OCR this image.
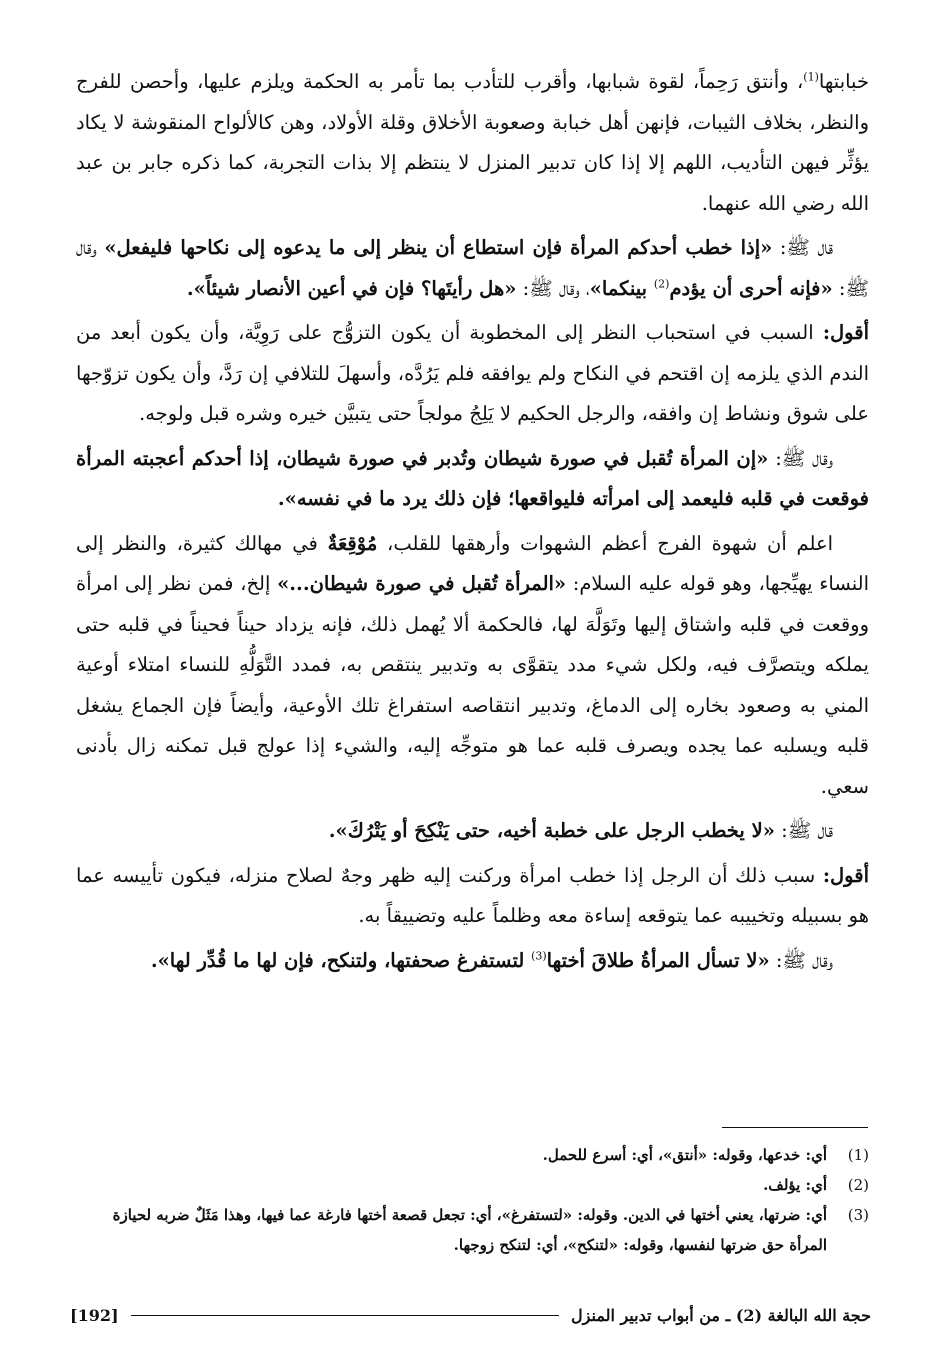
خبابتها$^{(1)}$، وأنتق رَحِماً، لقوة شبابها، وأقرب للتأدب بما تأمر به الحكمة ويلزم عليها، وأحصن للفرج والنظر، بخلاف الثيبات، فإنهن أهل خبابة وصعوبة الأخلاق وقلة الأولاد، وهن كالألواح المنقوشة لا يكاد يؤثِّر فيهن التأديب، اللهم إلا إذا كان تدبير المنزل لا ينتظم إلا بذات التجربة، كما ذكره جابر بن عبد الله رضي الله عنهما.

قال ﷺ: «إذا خطب أحدكم المرأة فإن استطاع أن ينظر إلى ما يدعوه إلى نكاحها فليفعل» وقال ﷺ: «فإنه أحرى أن يؤدم$^{(2)}$ بينكما»، وقال ﷺ: «هل رأيتَها؟ فإن في أعين الأنصار شيئاً».

أقول: السبب في استحباب النظر إلى المخطوبة أن يكون التزوُّج على رَوِيَّة، وأن يكون أبعد من الندم الذي يلزمه إن اقتحم في النكاح ولم يوافقه فلم يَرُدَّه، وأسهلَ للتلافي إن رَدَّ، وأن يكون تزوّجها على شوق ونشاط إن وافقه، والرجل الحكيم لا يَلِجُ مولجاً حتى يتبيَّن خيره وشره قبل ولوجه.

وقال ﷺ: «إن المرأة تُقبل في صورة شيطان وتُدبر في صورة شيطان، إذا أحدكم أعجبته المرأة فوقعت في قلبه فليعمد إلى امرأته فليواقعها؛ فإن ذلك يرد ما في نفسه».

اعلم أن شهوة الفرج أعظم الشهوات وأرهقها للقلب، مُوْقِعَةٌ في مهالك كثيرة، والنظر إلى النساء يهيِّجها، وهو قوله عليه السلام: «المرأة تُقبل في صورة شيطان...» إلخ، فمن نظر إلى امرأة ووقعت في قلبه واشتاق إليها وتَوَلَّهَ لها، فالحكمة ألا يُهمل ذلك، فإنه يزداد حيناً فحيناً في قلبه حتى يملكه ويتصرَّف فيه، ولكل شيء مدد يتقوَّى به وتدبير ينتقص به، فمدد التَّوَلُّهِ للنساء امتلاء أوعية المني به وصعود بخاره إلى الدماغ، وتدبير انتقاصه استفراغ تلك الأوعية، وأيضاً فإن الجماع يشغل قلبه ويسلبه عما يجده ويصرف قلبه عما هو متوجِّه إليه، والشيء إذا عولج قبل تمكنه زال بأدنى سعي.

قال ﷺ: «لا يخطب الرجل على خطبة أخيه، حتى يَنْكِحَ أو يَتْرُكَ».

أقول: سبب ذلك أن الرجل إذا خطب امرأة وركنت إليه ظهر وجهٌ لصلاح منزله، فيكون تأييسه عما هو بسبيله وتخييبه عما يتوقعه إساءة معه وظلماً عليه وتضييقاً به.

وقال ﷺ: «لا تسأل المرأةُ طلاقَ أختها$^{(3)}$ لتستفرغ صحفتها، ولتنكح، فإن لها ما قُدِّر لها».

(1)
أي: خدعها، وقوله: «أنتق»، أي: أسرع للحمل.
(2)
أي: يؤلف.
(3)
أي: ضرتها، يعني أختها في الدين. وقوله: «لتستفرغ»، أي: تجعل قصعة أختها فارغة عما فيها، وهذا مَثَلٌ ضربه لحيازة المرأة حق ضرتها لنفسها، وقوله: «لتنكح»، أي: لتنكح زوجها.
حجة الله البالغة (2) ـ من أبواب تدبير المنزل
[192]
